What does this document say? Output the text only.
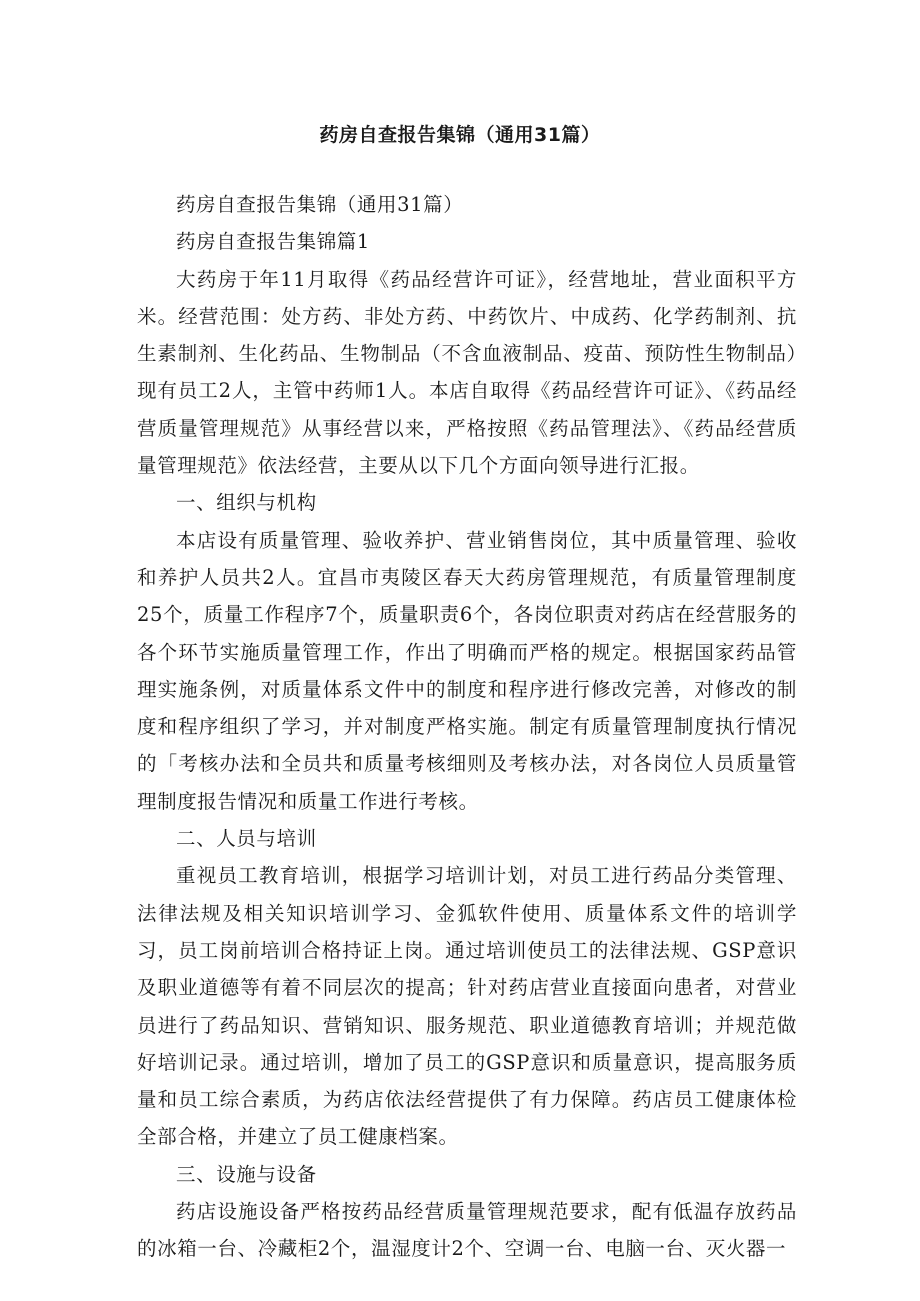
药房自查报告集锦（通用31篇）

药房自查报告集锦（通用31篇）

药房自查报告集锦篇1

大药房于年11月取得《药品经营许可证》，经营地址，营业面积平方米。经营范围：处方药、非处方药、中药饮片、中成药、化学药制剂、抗生素制剂、生化药品、生物制品（不含血液制品、疫苗、预防性生物制品）现有员工2人，主管中药师1人。本店自取得《药品经营许可证》、《药品经营质量管理规范》从事经营以来，严格按照《药品管理法》、《药品经营质量管理规范》依法经营，主要从以下几个方面向领导进行汇报。

一、组织与机构

本店设有质量管理、验收养护、营业销售岗位，其中质量管理、验收和养护人员共2人。宜昌市夷陵区春天大药房管理规范，有质量管理制度25个，质量工作程序7个，质量职责6个，各岗位职责对药店在经营服务的各个环节实施质量管理工作，作出了明确而严格的规定。根据国家药品管理实施条例，对质量体系文件中的制度和程序进行修改完善，对修改的制度和程序组织了学习，并对制度严格实施。制定有质量管理制度执行情况的「考核办法和全员共和质量考核细则及考核办法，对各岗位人员质量管理制度报告情况和质量工作进行考核。

二、人员与培训

重视员工教育培训，根据学习培训计划，对员工进行药品分类管理、法律法规及相关知识培训学习、金狐软件使用、质量体系文件的培训学习，员工岗前培训合格持证上岗。通过培训使员工的法律法规、GSP意识及职业道德等有着不同层次的提高；针对药店营业直接面向患者，对营业员进行了药品知识、营销知识、服务规范、职业道德教育培训；并规范做好培训记录。通过培训，增加了员工的GSP意识和质量意识，提高服务质量和员工综合素质，为药店依法经营提供了有力保障。药店员工健康体检全部合格，并建立了员工健康档案。

三、设施与设备

药店设施设备严格按药品经营质量管理规范要求，配有低温存放药品的冰箱一台、冷藏柜2个，温湿度计2个、空调一台、电脑一台、灭火器一
